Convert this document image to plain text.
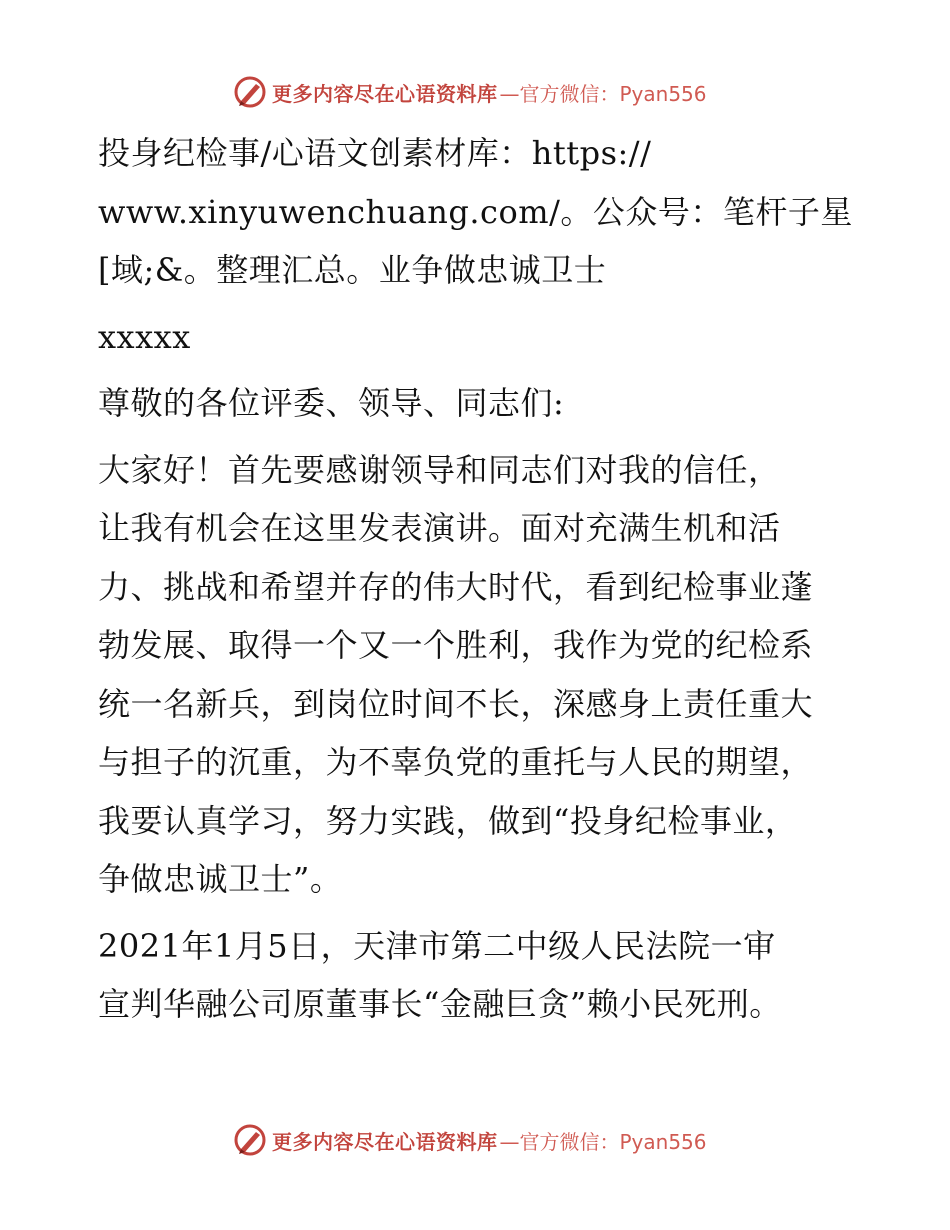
更多内容尽在心语资料库 —官方微信：Pyan556

投身纪检事/心语文创素材库：https://
www.xinyuwenchuang.com/。公众号：笔杆子星
[域;&。整理汇总。业争做忠诚卫士

xxxxx

尊敬的各位评委、领导、同志们:

大家好！首先要感谢领导和同志们对我的信任，
让我有机会在这里发表演讲。面对充满生机和活
力、挑战和希望并存的伟大时代，看到纪检事业蓬
勃发展、取得一个又一个胜利，我作为党的纪检系
统一名新兵，到岗位时间不长，深感身上责任重大
与担子的沉重，为不辜负党的重托与人民的期望，
我要认真学习，努力实践，做到“投身纪检事业，
争做忠诚卫士”。

2021年1月5日，天津市第二中级人民法院一审
宣判华融公司原董事长“金融巨贪”赖小民死刑。

更多内容尽在心语资料库 —官方微信：Pyan556
